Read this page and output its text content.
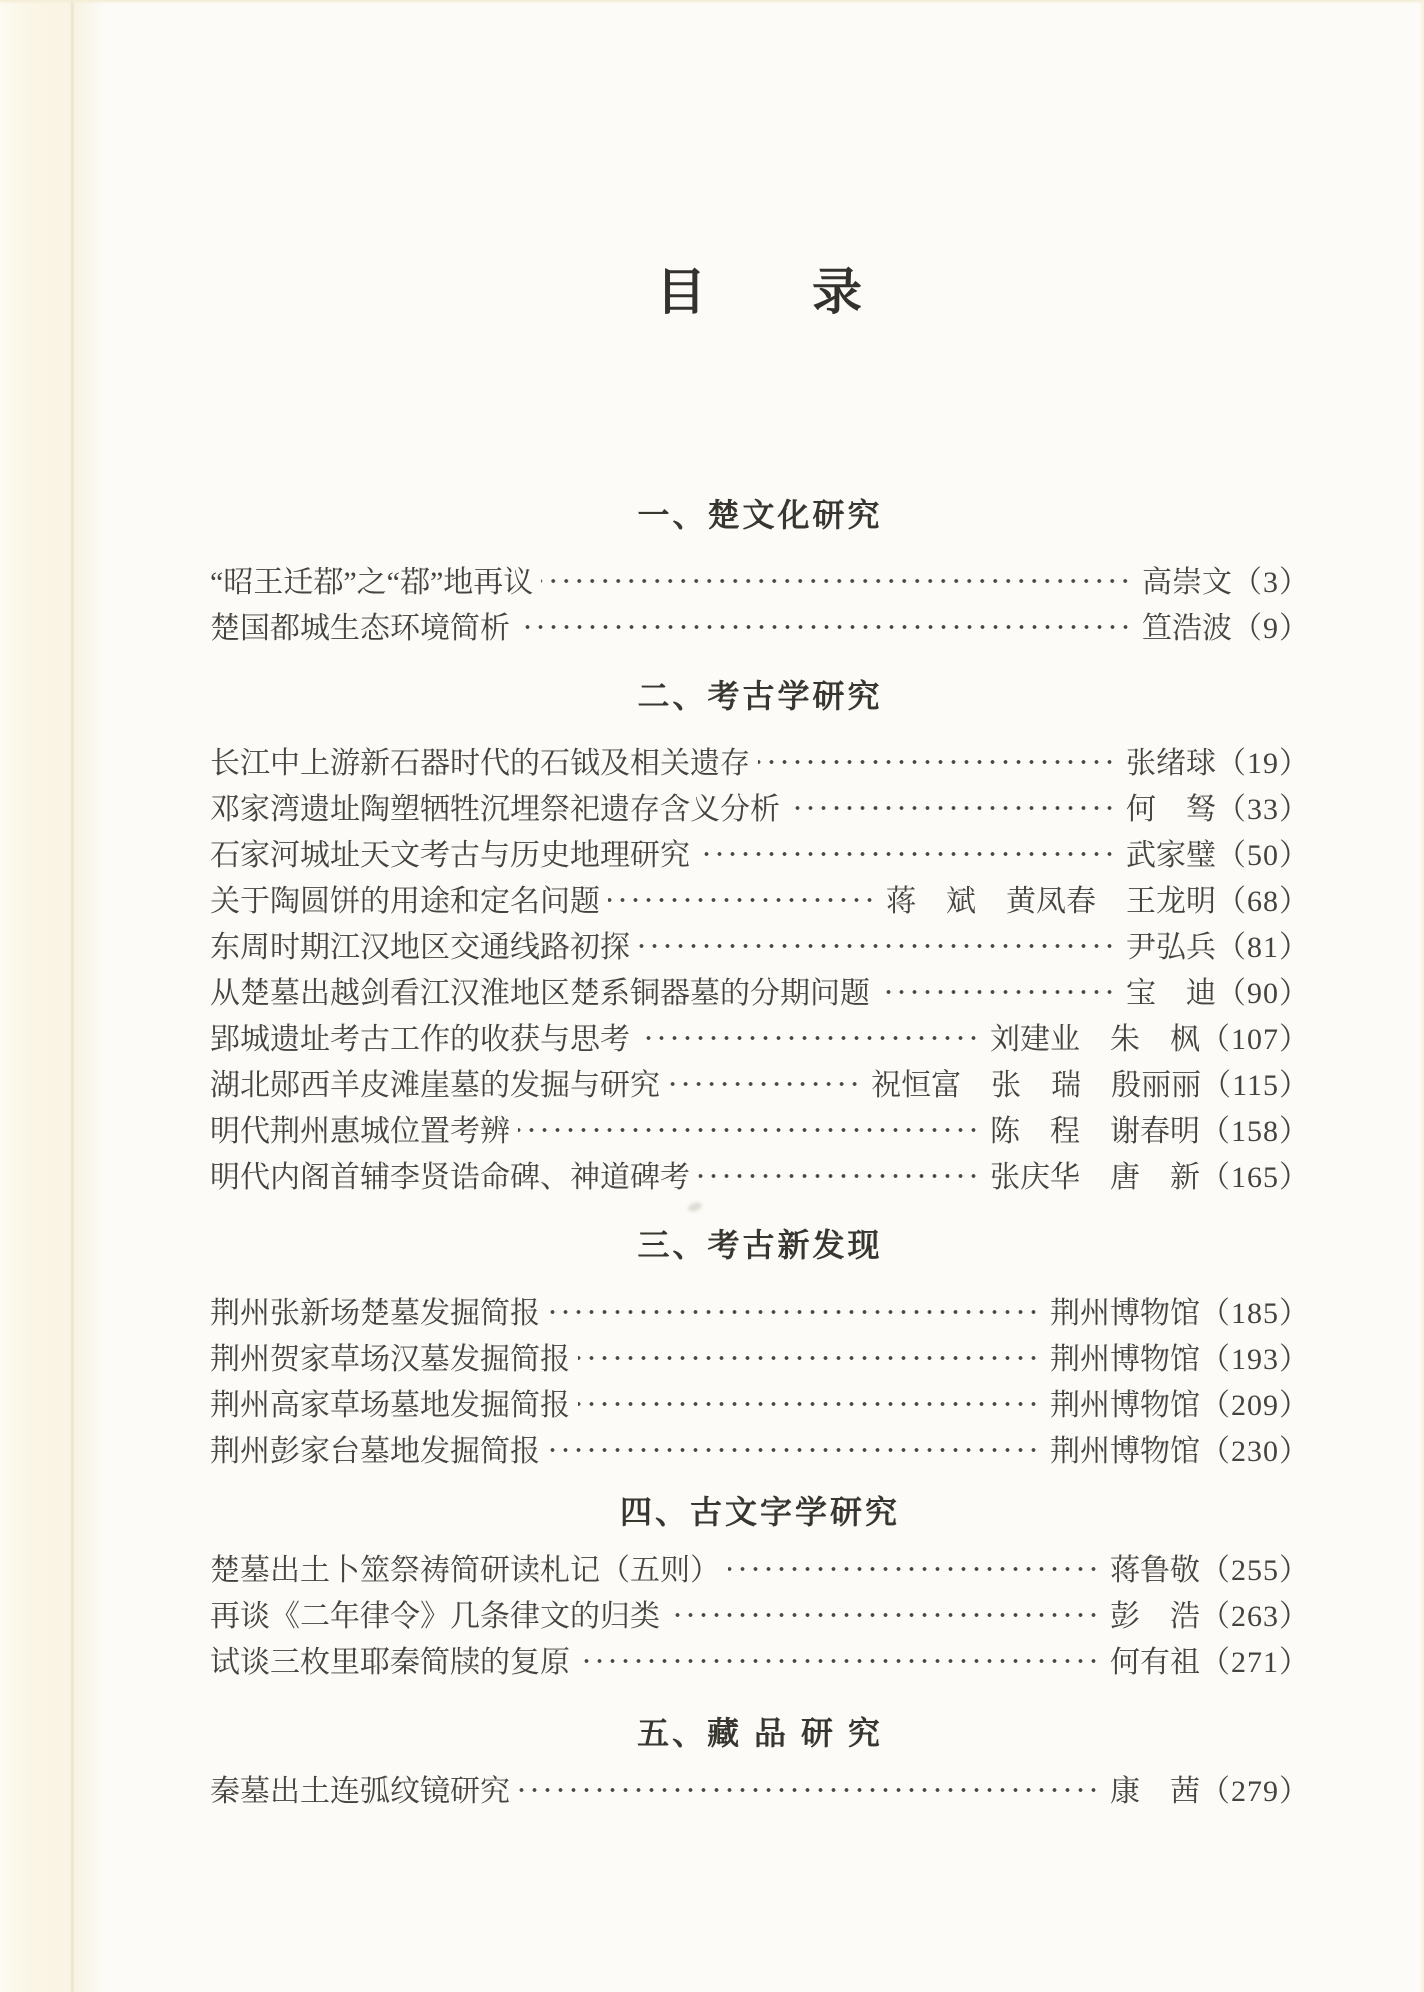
目　　录
一、楚文化研究
“昭王迁鄀”之“鄀”地再议	高崇文（3）
楚国都城生态环境简析	笪浩波（9）
二、考古学研究
长江中上游新石器时代的石钺及相关遗存	张绪球（19）
邓家湾遗址陶塑牺牲沉埋祭祀遗存含义分析	何　驽（33）
石家河城址天文考古与历史地理研究	武家璧（50）
关于陶圆饼的用途和定名问题	蒋　斌　黄凤春　王龙明（68）
东周时期江汉地区交通线路初探	尹弘兵（81）
从楚墓出越剑看江汉淮地区楚系铜器墓的分期问题	宝　迪（90）
郢城遗址考古工作的收获与思考	刘建业　朱　枫（107）
湖北郧西羊皮滩崖墓的发掘与研究	祝恒富　张　瑞　殷丽丽（115）
明代荆州惠城位置考辨	陈　程　谢春明（158）
明代内阁首辅李贤诰命碑、神道碑考	张庆华　唐　新（165）
三、考古新发现
荆州张新场楚墓发掘简报	荆州博物馆（185）
荆州贺家草场汉墓发掘简报	荆州博物馆（193）
荆州高家草场墓地发掘简报	荆州博物馆（209）
荆州彭家台墓地发掘简报	荆州博物馆（230）
四、古文字学研究
楚墓出土卜筮祭祷简研读札记（五则）	蒋鲁敬（255）
再谈《二年律令》几条律文的归类	彭　浩（263）
试谈三枚里耶秦简牍的复原	何有祖（271）
五、藏 品 研 究
秦墓出土连弧纹镜研究	康　茜（279）
